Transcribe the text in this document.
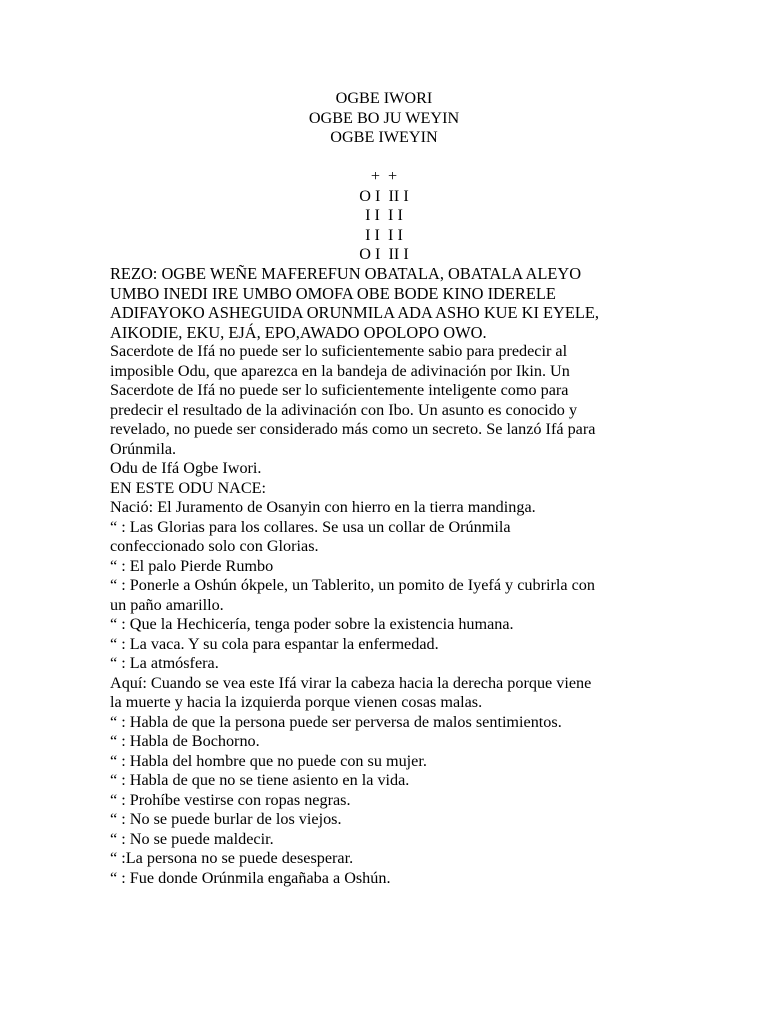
OGBE IWORI
OGBE BO JU WEYIN
OGBE IWEYIN
+  +
O I  II I
I I  I I
I I  I I
O I  II I
REZO: OGBE WEÑE MAFEREFUN OBATALA, OBATALA ALEYO
UMBO INEDI IRE UMBO OMOFA OBE BODE KINO IDERELE
ADIFAYOKO ASHEGUIDA ORUNMILA ADA ASHO KUE KI EYELE,
AIKODIE, EKU, EJÁ, EPO,AWADO OPOLOPO OWO.
Sacerdote de Ifá no puede ser lo suficientemente sabio para predecir al
imposible Odu, que aparezca en la bandeja de adivinación por Ikin. Un
Sacerdote de Ifá no puede ser lo suficientemente inteligente como para
predecir el resultado de la adivinación con Ibo. Un asunto es conocido y
revelado, no puede ser considerado más como un secreto. Se lanzó Ifá para
Orúnmila.
Odu de Ifá Ogbe Iwori.
EN ESTE ODU NACE:
Nació: El Juramento de Osanyin con hierro en la tierra mandinga.
“ : Las Glorias para los collares. Se usa un collar de Orúnmila
confeccionado solo con Glorias.
“ : El palo Pierde Rumbo
“ : Ponerle a Oshún ókpele, un Tablerito, un pomito de Iyefá y cubrirla con
un paño amarillo.
“ : Que la Hechicería, tenga poder sobre la existencia humana.
“ : La vaca. Y su cola para espantar la enfermedad.
“ : La atmósfera.
Aquí: Cuando se vea este Ifá virar la cabeza hacia la derecha porque viene
la muerte y hacia la izquierda porque vienen cosas malas.
“ : Habla de que la persona puede ser perversa de malos sentimientos.
“ : Habla de Bochorno.
“ : Habla del hombre que no puede con su mujer.
“ : Habla de que no se tiene asiento en la vida.
“ : Prohíbe vestirse con ropas negras.
“ : No se puede burlar de los viejos.
“ : No se puede maldecir.
“ :La persona no se puede desesperar.
“ : Fue donde Orúnmila engañaba a Oshún.
